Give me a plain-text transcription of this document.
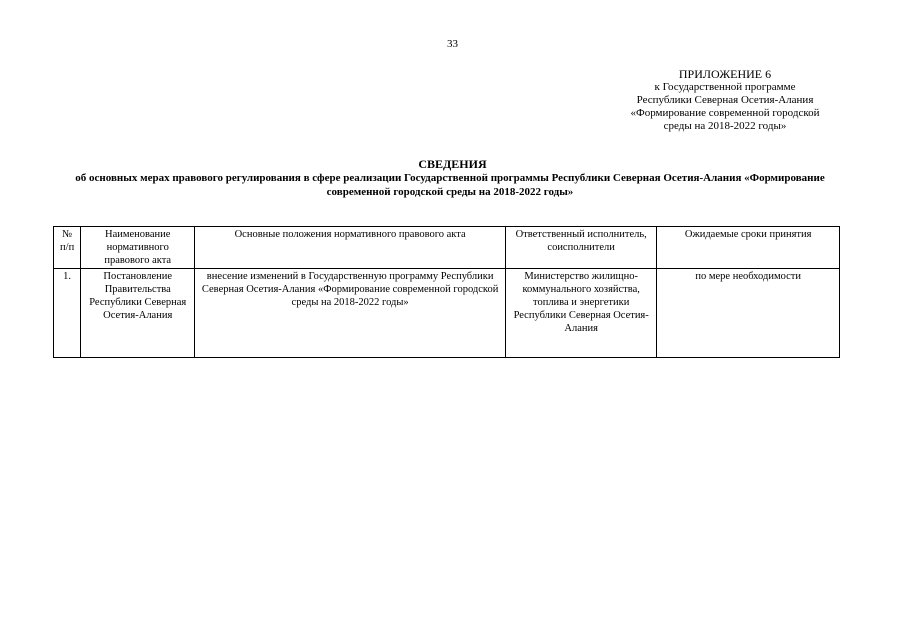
33
ПРИЛОЖЕНИЕ 6
к Государственной программе
Республики Северная Осетия-Алания
«Формирование современной городской
среды на 2018-2022 годы»
СВЕДЕНИЯ
об основных мерах правового регулирования в сфере реализации Государственной программы Республики Северная Осетия-Алания «Формирование современной городской среды на 2018-2022 годы»
№ п/п	Наименование нормативного правового акта	Основные положения нормативного правового акта	Ответственный исполнитель, соисполнители	Ожидаемые сроки принятия
1.	Постановление Правительства Республики Северная Осетия-Алания	внесение изменений в Государственную программу Республики Северная Осетия-Алания «Формирование современной городской среды на 2018-2022 годы»	Министерство жилищно-коммунального хозяйства, топлива и энергетики Республики Северная Осетия-Алания	по мере необходимости
